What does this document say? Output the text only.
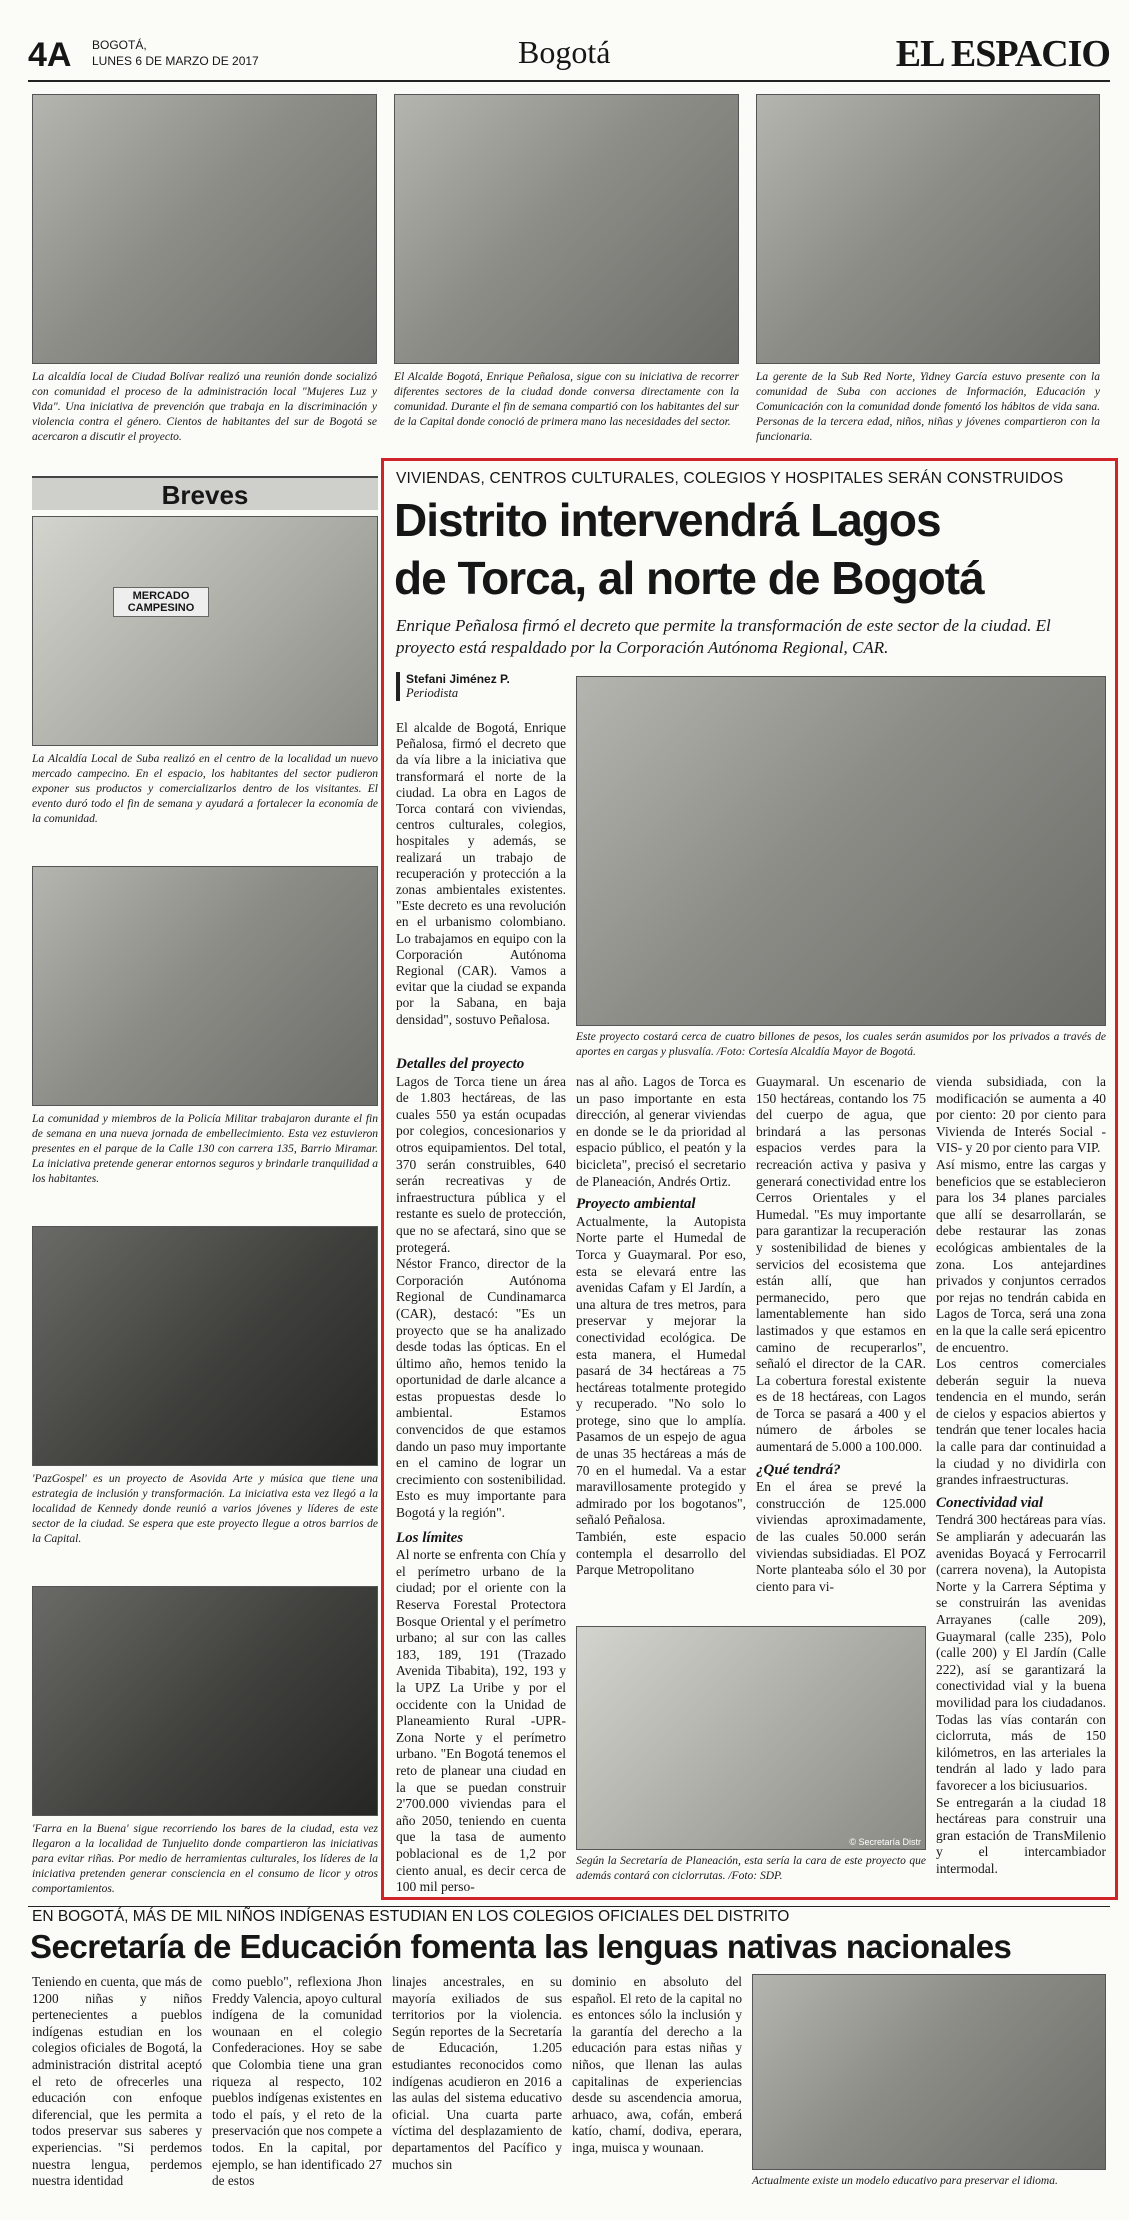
4A BOGOTÁ,
LUNES 6 DE MARZO DE 2017	Bogotá	EL ESPACIO
La alcaldía local de Ciudad Bolívar realizó una reunión donde socializó con comunidad el proceso de la administración local "Mujeres Luz y Vida". Una iniciativa de prevención que trabaja en la discriminación y violencia contra el género. Cientos de habitantes del sur de Bogotá se acercaron a discutir el proyecto.
El Alcalde Bogotá, Enrique Peñalosa, sigue con su iniciativa de recorrer diferentes sectores de la ciudad donde conversa directamente con la comunidad. Durante el fin de semana compartió con los habitantes del sur de la Capital donde conoció de primera mano las necesidades del sector.
La gerente de la Sub Red Norte, Yidney García estuvo presente con la comunidad de Suba con acciones de Información, Educación y Comunicación con la comunidad donde fomentó los hábitos de vida sana. Personas de la tercera edad, niños, niñas y jóvenes compartieron con la funcionaria.
Breves
MERCADO CAMPESINO
La Alcaldía Local de Suba realizó en el centro de la localidad un nuevo mercado campecino. En el espacio, los habitantes del sector pudieron exponer sus productos y comercializarlos dentro de los visitantes. El evento duró todo el fin de semana y ayudará a fortalecer la economía de la comunidad.
La comunidad y miembros de la Policía Militar trabajaron durante el fin de semana en una nueva jornada de embellecimiento. Esta vez estuvieron presentes en el parque de la Calle 130 con carrera 135, Barrio Miramar. La iniciativa pretende generar entornos seguros y brindarle tranquilidad a los habitantes.
'PazGospel' es un proyecto de Asovida Arte y música que tiene una estrategia de inclusión y transformación. La iniciativa esta vez llegó a la localidad de Kennedy donde reunió a varios jóvenes y líderes de este sector de la ciudad. Se espera que este proyecto llegue a otros barrios de la Capital.
'Farra en la Buena' sigue recorriendo los bares de la ciudad, esta vez llegaron a la localidad de Tunjuelito donde compartieron las iniciativas para evitar riñas. Por medio de herramientas culturales, los líderes de la iniciativa pretenden generar consciencia en el consumo de licor y otros comportamientos.
VIVIENDAS, CENTROS CULTURALES, COLEGIOS Y HOSPITALES SERÁN CONSTRUIDOS
Distrito intervendrá Lagos
de Torca, al norte de Bogotá
Enrique Peñalosa firmó el decreto que permite la transformación de este sector de la ciudad. El proyecto está respaldado por la Corporación Autónoma Regional, CAR.
Stefani Jiménez P.
Periodista

El alcalde de Bogotá, Enrique Peñalosa, firmó el decreto que da vía libre a la iniciativa que transformará el norte de la ciudad. La obra en Lagos de Torca contará con viviendas, centros culturales, colegios, hospitales y además, se realizará un trabajo de recuperación y protección a la zonas ambientales existentes. "Este decreto es una revolución en el urbanismo colombiano. Lo trabajamos en equipo con la Corporación Autónoma Regional (CAR). Vamos a evitar que la ciudad se expanda por la Sabana, en baja densidad", sostuvo Peñalosa.

Este proyecto costará cerca de cuatro billones de pesos, los cuales serán asumidos por los privados a través de aportes en cargas y plusvalía. /Foto: Cortesía Alcaldía Mayor de Bogotá.
Detalles del proyecto

Lagos de Torca tiene un área de 1.803 hectáreas, de las cuales 550 ya están ocupadas por colegios, concesionarios y otros equipamientos. Del total, 370 serán construibles, 640 serán recreativas y de infraestructura pública y el restante es suelo de protección, que no se afectará, sino que se protegerá.

Néstor Franco, director de la Corporación Autónoma Regional de Cundinamarca (CAR), destacó: "Es un proyecto que se ha analizado desde todas las ópticas. En el último año, hemos tenido la oportunidad de darle alcance a estas propuestas desde lo ambiental. Estamos convencidos de que estamos dando un paso muy importante en el camino de lograr un crecimiento con sostenibilidad. Esto es muy importante para Bogotá y la región".

Los límites

Al norte se enfrenta con Chía y el perímetro urbano de la ciudad; por el oriente con la Reserva Forestal Protectora Bosque Oriental y el perímetro urbano; al sur con las calles 183, 189, 191 (Trazado Avenida Tibabita), 192, 193 y la UPZ La Uribe y por el occidente con la Unidad de Planeamiento Rural -UPR- Zona Norte y el perímetro urbano. "En Bogotá tenemos el reto de planear una ciudad en la que se puedan construir 2'700.000 viviendas para el año 2050, teniendo en cuenta que la tasa de aumento poblacional es de 1,2 por ciento anual, es decir cerca de 100 mil perso-

nas al año. Lagos de Torca es un paso importante en esta dirección, al generar viviendas en donde se le da prioridad al espacio público, el peatón y la bicicleta", precisó el secretario de Planeación, Andrés Ortiz.

Proyecto ambiental

Actualmente, la Autopista Norte parte el Humedal de Torca y Guaymaral. Por eso, esta se elevará entre las avenidas Cafam y El Jardín, a una altura de tres metros, para preservar y mejorar la conectividad ecológica. De esta manera, el Humedal pasará de 34 hectáreas a 75 hectáreas totalmente protegido y recuperado. "No solo lo protege, sino que lo amplía. Pasamos de un espejo de agua de unas 35 hectáreas a más de 70 en el humedal. Va a estar maravillosamente protegido y admirado por los bogotanos", señaló Peñalosa.

También, este espacio contempla el desarrollo del Parque Metropolitano

Guaymaral. Un escenario de 150 hectáreas, contando los 75 del cuerpo de agua, que brindará a las personas espacios verdes para la recreación activa y pasiva y generará conectividad entre los Cerros Orientales y el Humedal. "Es muy importante para garantizar la recuperación y sostenibilidad de bienes y servicios del ecosistema que están allí, que han permanecido, pero que lamentablemente han sido lastimados y que estamos en camino de recuperarlos", señaló el director de la CAR. La cobertura forestal existente es de 18 hectáreas, con Lagos de Torca se pasará a 400 y el número de árboles se aumentará de 5.000 a 100.000.

¿Qué tendrá?

En el área se prevé la construcción de 125.000 viviendas aproximadamente, de las cuales 50.000 serán viviendas subsidiadas. El POZ Norte planteaba sólo el 30 por ciento para vi-

© Secretaría Distr
Según la Secretaría de Planeación, esta sería la cara de este proyecto que además contará con ciclorrutas. /Foto: SDP.

vienda subsidiada, con la modificación se aumenta a 40 por ciento: 20 por ciento para Vivienda de Interés Social -VIS- y 20 por ciento para VIP.

Así mismo, entre las cargas y beneficios que se establecieron para los 34 planes parciales que allí se desarrollarán, se debe restaurar las zonas ecológicas ambientales de la zona. Los antejardines privados y conjuntos cerrados por rejas no tendrán cabida en Lagos de Torca, será una zona en la que la calle será epicentro de encuentro.

Los centros comerciales deberán seguir la nueva tendencia en el mundo, serán de cielos y espacios abiertos y tendrán que tener locales hacia la calle para dar continuidad a la ciudad y no dividirla con grandes infraestructuras.

Conectividad vial

Tendrá 300 hectáreas para vías. Se ampliarán y adecuarán las avenidas Boyacá y Ferrocarril (carrera novena), la Autopista Norte y la Carrera Séptima y se construirán las avenidas Arrayanes (calle 209), Guaymaral (calle 235), Polo (calle 200) y El Jardín (Calle 222), así se garantizará la conectividad vial y la buena movilidad para los ciudadanos. Todas las vías contarán con ciclorruta, más de 150 kilómetros, en las arteriales la tendrán al lado y lado para favorecer a los biciusuarios.

Se entregarán a la ciudad 18 hectáreas para construir una gran estación de TransMilenio y el intercambiador intermodal.

EN BOGOTÁ, MÁS DE MIL NIÑOS INDÍGENAS ESTUDIAN EN LOS COLEGIOS OFICIALES DEL DISTRITO
Secretaría de Educación fomenta las lenguas nativas nacionales

Teniendo en cuenta, que más de 1200 niñas y niños pertenecientes a pueblos indígenas estudian en los colegios oficiales de Bogotá, la administración distrital aceptó el reto de ofrecerles una educación con enfoque diferencial, que les permita a todos preservar sus saberes y experiencias. "Si perdemos nuestra lengua, perdemos nuestra identidad

como pueblo", reflexiona Jhon Freddy Valencia, apoyo cultural indígena de la comunidad wounaan en el colegio Confederaciones. Hoy se sabe que Colombia tiene una gran riqueza al respecto, 102 pueblos indígenas existentes en todo el país, y el reto de la preservación que nos compete a todos. En la capital, por ejemplo, se han identificado 27 de estos

linajes ancestrales, en su mayoría exiliados de sus territorios por la violencia. Según reportes de la Secretaría de Educación, 1.205 estudiantes reconocidos como indígenas acudieron en 2016 a las aulas del sistema educativo oficial. Una cuarta parte víctima del desplazamiento de departamentos del Pacífico y muchos sin

dominio en absoluto del español. El reto de la capital no es entonces sólo la inclusión y la garantía del derecho a la educación para estas niñas y niños, que llenan las aulas capitalinas de experiencias desde su ascendencia amorua, arhuaco, awa, cofán, emberá katío, chamí, dodiva, eperara, inga, muisca y wounaan.

Actualmente existe un modelo educativo para preservar el idioma.
